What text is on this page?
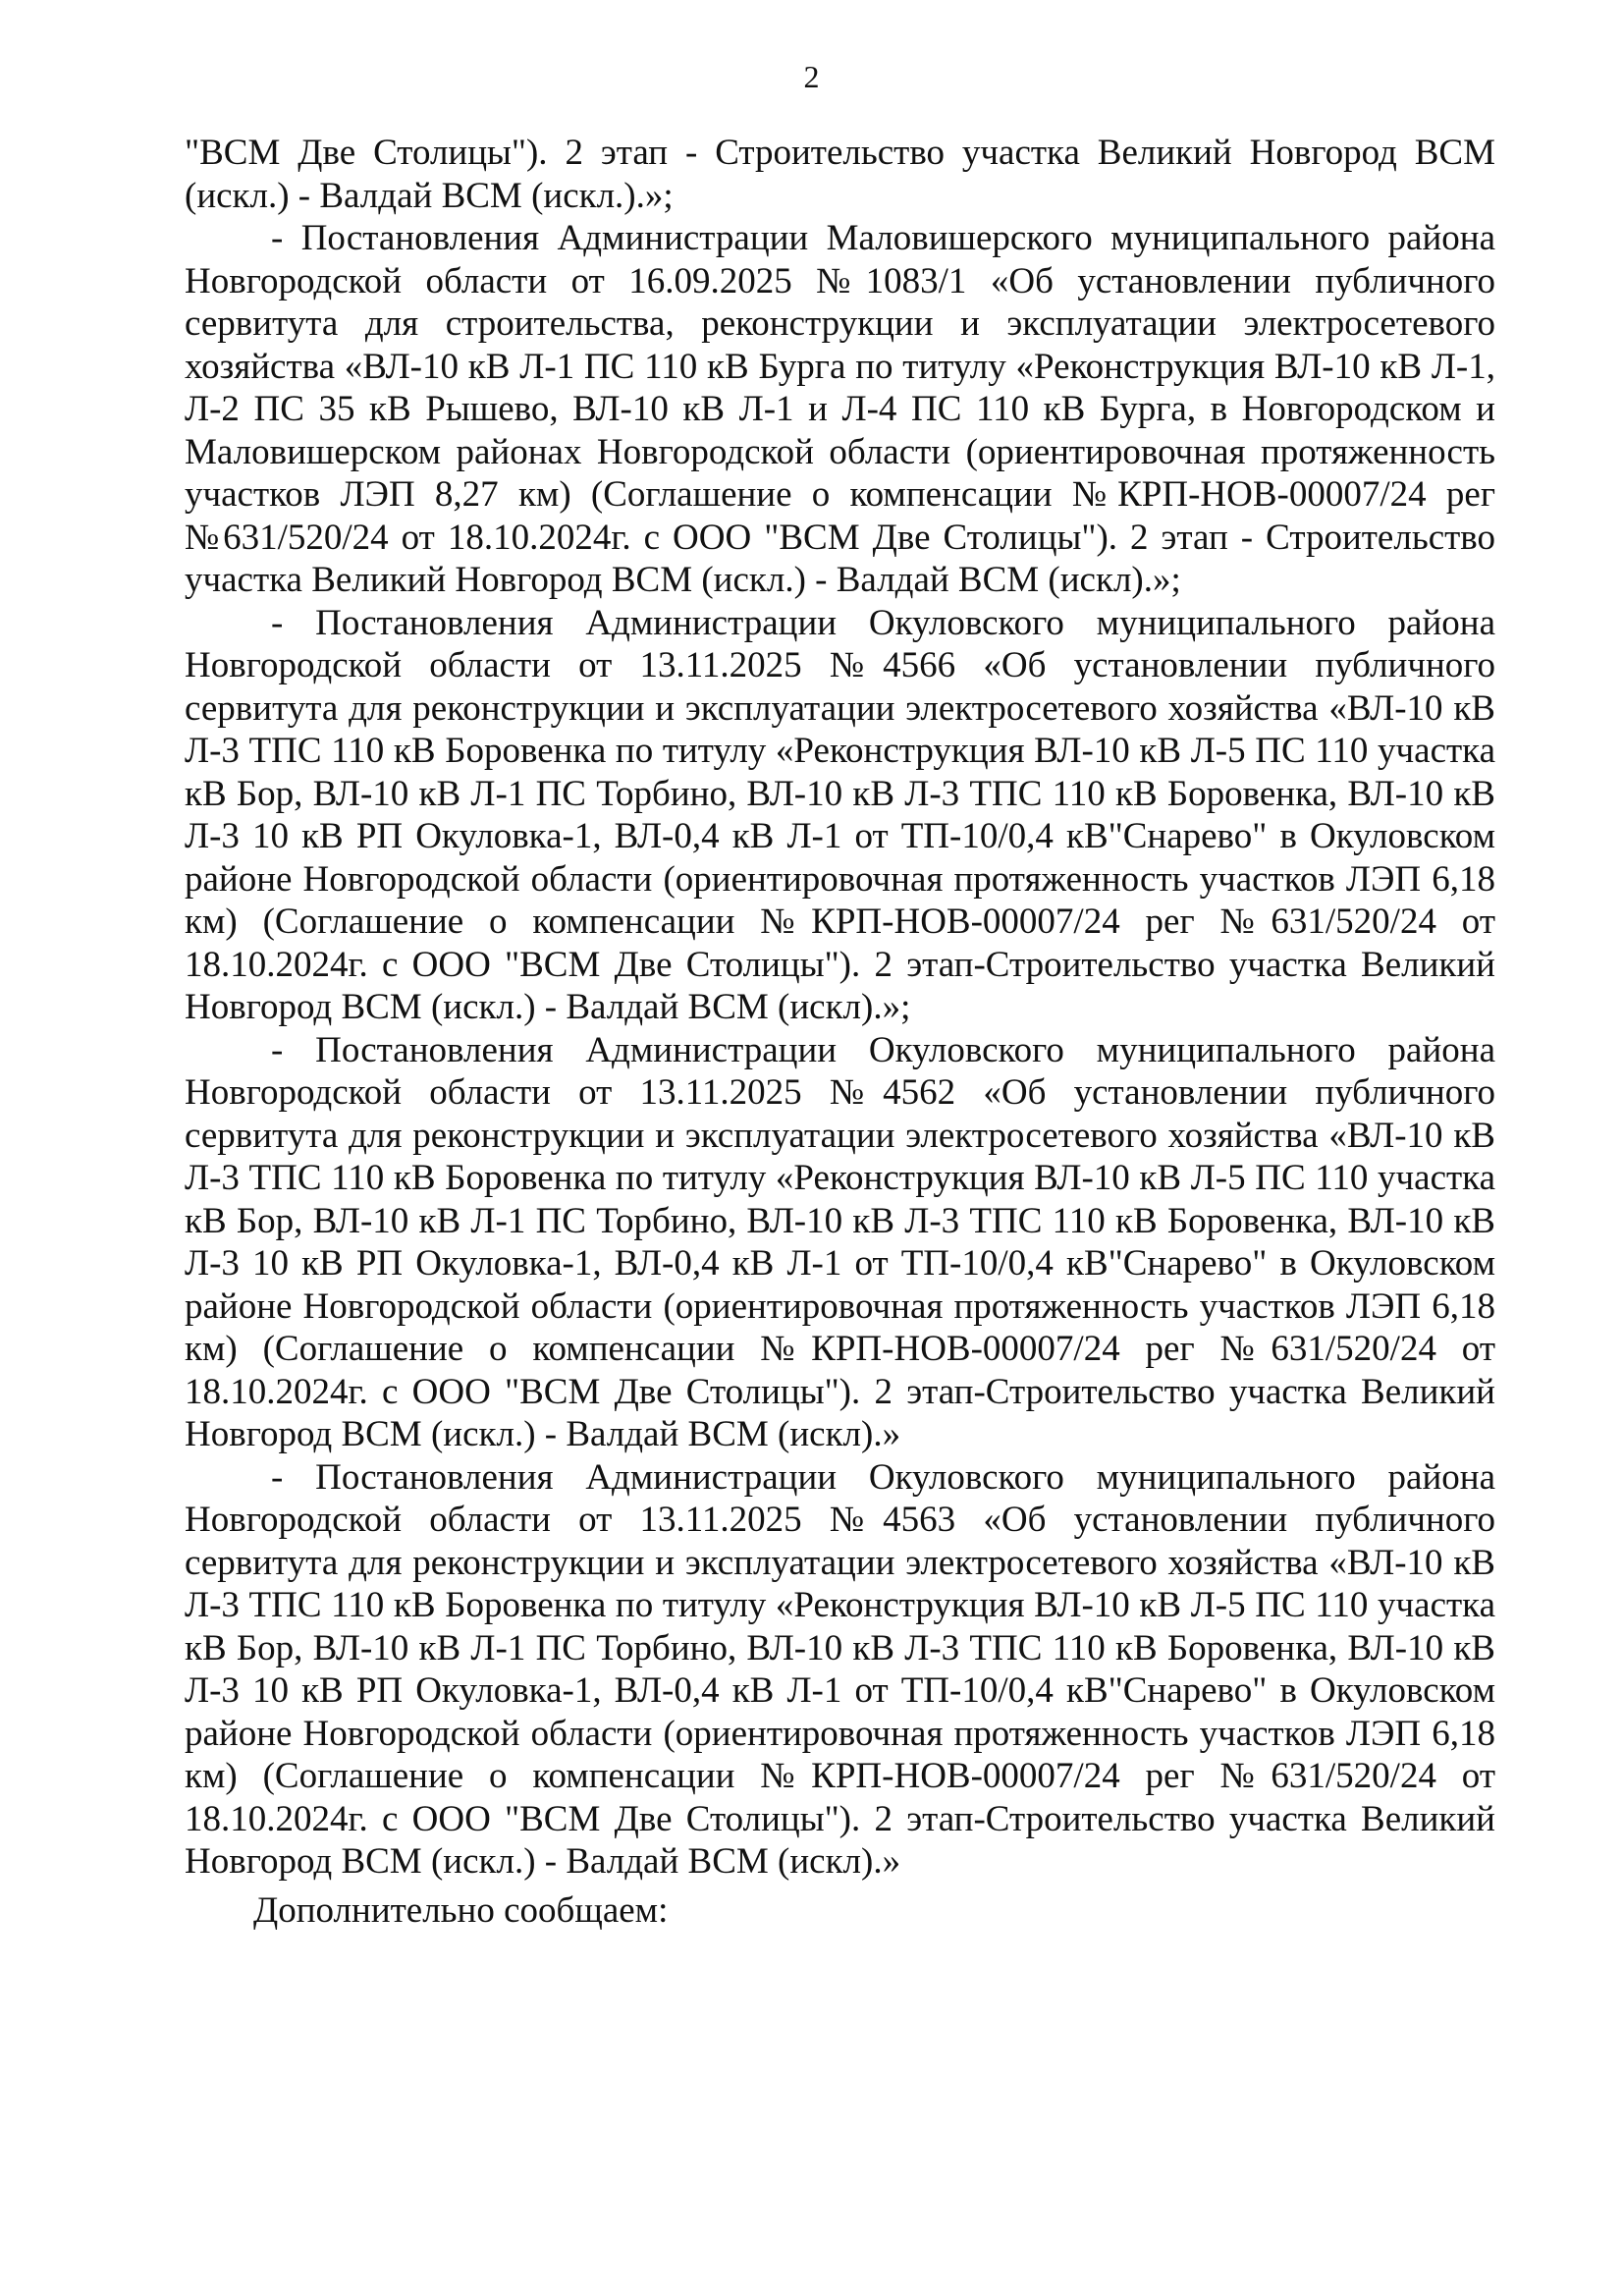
2

"ВСМ Две Столицы"). 2 этап - Строительство участка Великий Новгород ВСМ (искл.) - Валдай ВСМ (искл.).»;

- Постановления Администрации Маловишерского муниципального района Новгородской области от 16.09.2025 №1083/1 «Об установлении публичного сервитута для строительства, реконструкции и эксплуатации электросетевого хозяйства «ВЛ-10 кВ Л-1 ПС 110 кВ Бурга по титулу «Реконструкция ВЛ-10 кВ Л-1, Л-2 ПС 35 кВ Рышево, ВЛ-10 кВ Л-1 и Л-4 ПС 110 кВ Бурга, в Новгородском и Маловишерском районах Новгородской области (ориентировочная протяженность участков ЛЭП 8,27 км) (Соглашение о компенсации №КРП-НОВ-00007/24 рег №631/520/24 от 18.10.2024г. с ООО "ВСМ Две Столицы"). 2 этап - Строительство участка Великий Новгород ВСМ (искл.) - Валдай ВСМ (искл).»;

- Постановления Администрации Окуловского муниципального района Новгородской области от 13.11.2025 №4566 «Об установлении публичного сервитута для реконструкции и эксплуатации электросетевого хозяйства «ВЛ-10 кВ Л-3 ТПС 110 кВ Боровенка по титулу «Реконструкция ВЛ-10 кВ Л-5 ПС 110 участка кВ Бор, ВЛ-10 кВ Л-1 ПС Торбино, ВЛ-10 кВ Л-3 ТПС 110 кВ Боровенка, ВЛ-10 кВ Л-3 10 кВ РП Окуловка-1, ВЛ-0,4 кВ Л-1 от ТП-10/0,4 кВ"Снарево" в Окуловском районе Новгородской области (ориентировочная протяженность участков ЛЭП 6,18 км) (Соглашение о компенсации №КРП-НОВ-00007/24 рег №631/520/24 от 18.10.2024г. с ООО "ВСМ Две Столицы"). 2 этап-Строительство участка Великий Новгород ВСМ (искл.) - Валдай ВСМ (искл).»;

- Постановления Администрации Окуловского муниципального района Новгородской области от 13.11.2025 №4562 «Об установлении публичного сервитута для реконструкции и эксплуатации электросетевого хозяйства «ВЛ-10 кВ Л-3 ТПС 110 кВ Боровенка по титулу «Реконструкция ВЛ-10 кВ Л-5 ПС 110 участка кВ Бор, ВЛ-10 кВ Л-1 ПС Торбино, ВЛ-10 кВ Л-3 ТПС 110 кВ Боровенка, ВЛ-10 кВ Л-3 10 кВ РП Окуловка-1, ВЛ-0,4 кВ Л-1 от ТП-10/0,4 кВ"Снарево" в Окуловском районе Новгородской области (ориентировочная протяженность участков ЛЭП 6,18 км) (Соглашение о компенсации №КРП-НОВ-00007/24 рег №631/520/24 от 18.10.2024г. с ООО "ВСМ Две Столицы"). 2 этап-Строительство участка Великий Новгород ВСМ (искл.) - Валдай ВСМ (искл).»

- Постановления Администрации Окуловского муниципального района Новгородской области от 13.11.2025 №4563 «Об установлении публичного сервитута для реконструкции и эксплуатации электросетевого хозяйства «ВЛ-10 кВ Л-3 ТПС 110 кВ Боровенка по титулу «Реконструкция ВЛ-10 кВ Л-5 ПС 110 участка кВ Бор, ВЛ-10 кВ Л-1 ПС Торбино, ВЛ-10 кВ Л-3 ТПС 110 кВ Боровенка, ВЛ-10 кВ Л-3 10 кВ РП Окуловка-1, ВЛ-0,4 кВ Л-1 от ТП-10/0,4 кВ"Снарево" в Окуловском районе Новгородской области (ориентировочная протяженность участков ЛЭП 6,18 км) (Соглашение о компенсации №КРП-НОВ-00007/24 рег №631/520/24 от 18.10.2024г. с ООО "ВСМ Две Столицы"). 2 этап-Строительство участка Великий Новгород ВСМ (искл.) - Валдай ВСМ (искл).»

Дополнительно сообщаем:
